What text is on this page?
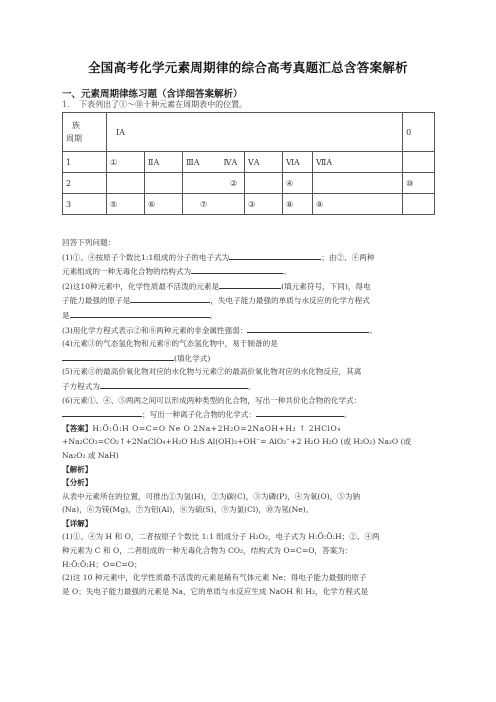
全国高考化学元素周期律的综合高考真题汇总含答案解析
一、元素周期律练习题（含详细答案解析）
1． 下表列出了①～⑩十种元素在周期表中的位置。
族
周期	ⅠA						0
1	①	ⅡA	ⅢA ⅣA	ⅤA	ⅥA	ⅦA	
2			②		④		⑩
3	⑤	⑥	⑦	③	⑧	⑨	

回答下列问题：

(1)①、④按原子个数比1:1组成的分子的电子式为	；由②、④两种

元素组成的一种无毒化合物的结构式为	。

(2)这10种元素中，化学性质最不活泼的元素是	(填元素符号，下同)，得电

子能力最强的原子是	，失电子能力最强的单质与水反应的化学方程式

是	。

(3)用化学方程式表示②和⑧两种元素的非金属性强弱：	。

(4)元素③的气态氢化物和元素⑧的气态氢化物中，易于制备的是

(填化学式)

(5)元素⑤的最高价氧化物对应的水化物与元素⑦的最高价氧化物对应的水化物反应，其离

子方程式为	。

(6)元素①、④、⑤两两之间可以形成两种类型的化合物，写出一种共价化合物的化学式：

；写出一种离子化合物的化学式：	。

【答案】H:Ö:Ö:H O=C=O Ne O 2Na+2H₂O=2NaOH+H₂ ↑ 2HClO₄

+Na₂CO₃=CO₂↑+2NaClO₄+H₂O H₂S Al(OH)₃+OH⁻= AlO₂⁻+2 H₂O H₂O (或 H₂O₂) Na₂O (或

Na₂O₂ 或 NaH)

【解析】

【分析】

从表中元素所在的位置，可推出①为氢(H)，②为碳(C)，③为磷(P)，④为氧(O)，⑤为钠

(Na)，⑥为镁(Mg)，⑦为铝(Al)，⑧为硫(S)，⑨为氯(Cl)，⑩为氖(Ne)。

【详解】

(1)①、④为 H 和 O，二者按原子个数比 1:1 组成分子 H₂O₂，电子式为 H:Ö:Ö:H；②、④两

种元素为 C 和 O，二者组成的一种无毒化合物为 CO₂，结构式为 O=C=O，答案为：

H:Ö:Ö:H；O=C=O；

(2)这 10 种元素中，化学性质最不活泼的元素是稀有气体元素 Ne；得电子能力最强的原子

是 O；失电子能力最强的元素是 Na，它的单质与水反应生成 NaOH 和 H₂，化学方程式是
